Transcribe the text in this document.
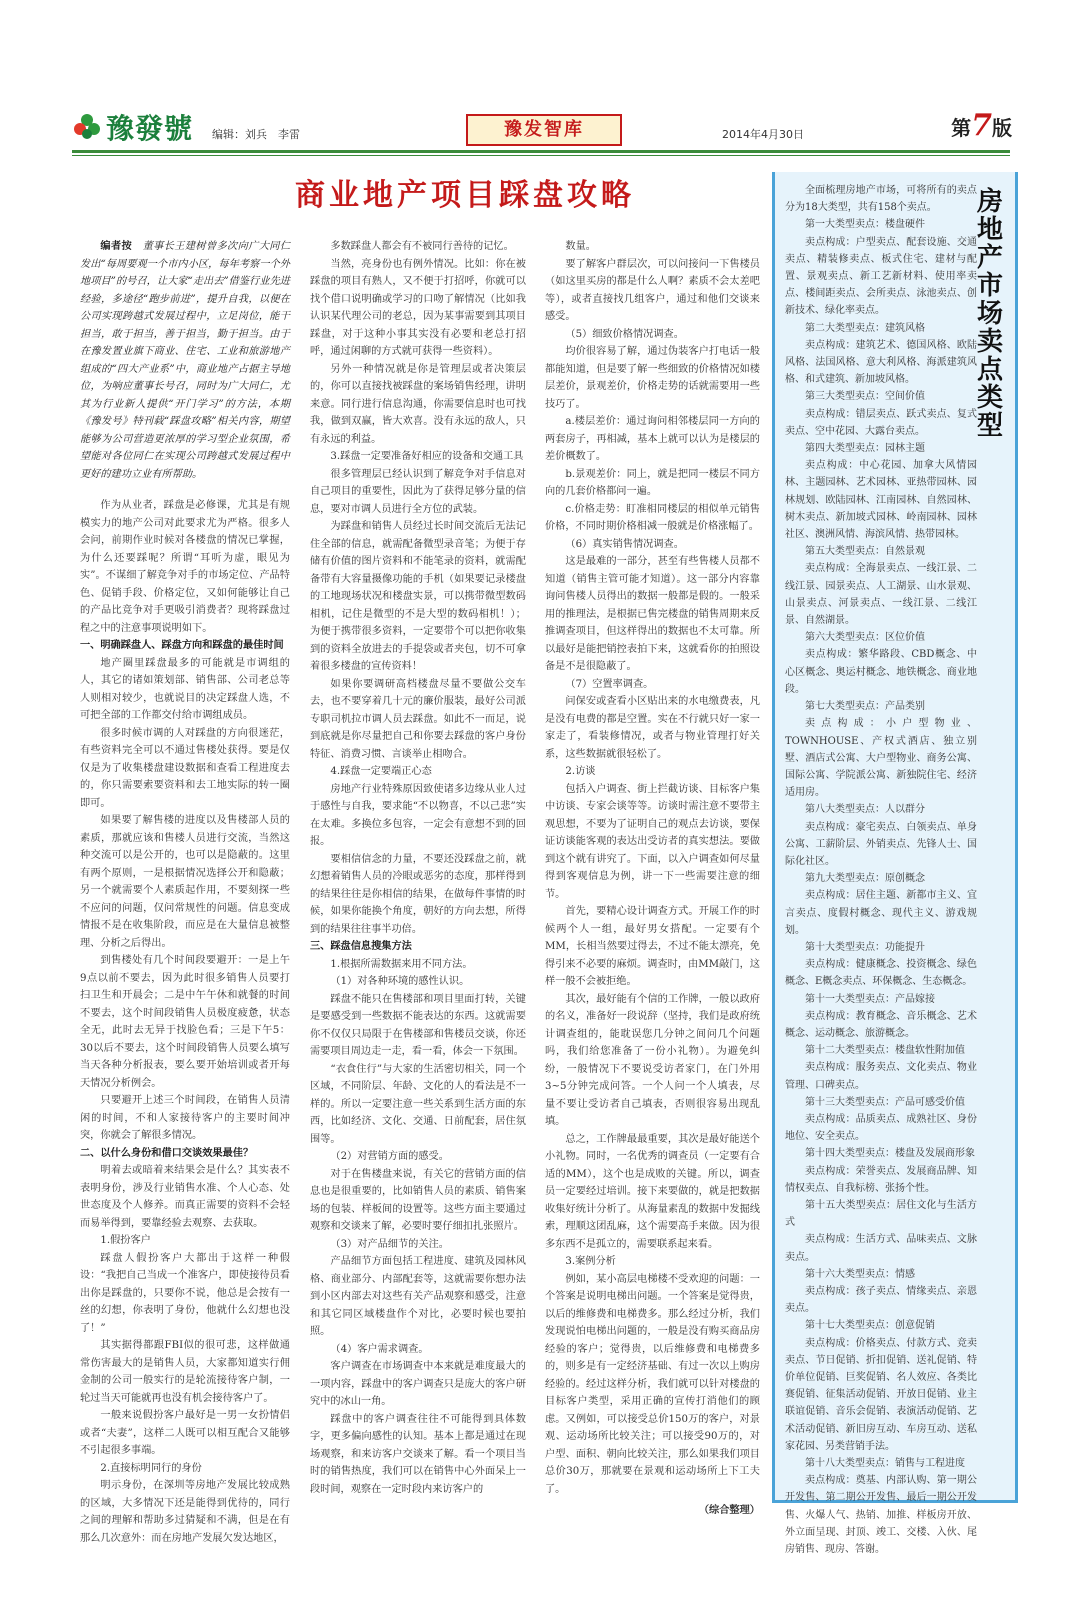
豫發號 编辑：刘兵　李雷	豫发智库	2014年4月30日	第7版
商业地产项目踩盘攻略

编者按　 董事长王建树曾多次向广大同仁发出“每周要观一个市内小区，每年考察一个外地项目”的号召，让大家“走出去”借鉴行业先进经验，多途径“跑步前进”，提升自我，以便在公司实现跨越式发展过程中，立足岗位，能干担当，敢于担当，善于担当，勤于担当。由于在豫发置业旗下商业、住宅、工业和旅游地产组成的“四大产业系”中，商业地产占据主导地位，为响应董事长号召，同时为广大同仁，尤其为行业新人提供“开门学习”的方法，本期《豫发号》特刊载“踩盘攻略”相关内容，期望能够为公司营造更浓厚的学习型企业氛围，希望能对各位同仁在实现公司跨越式发展过程中更好的建功立业有所帮助。

作为从业者，踩盘是必修课，尤其是有规模实力的地产公司对此要求尤为严格。很多人会问，前期作业时候对各楼盘的情况已掌握，为什么还要踩呢？所谓“耳听为虚，眼见为实”。不谋细了解竞争对手的市场定位、产品特色、促销手段、价格定位，又如何能够让自己的产品比竞争对手更吸引消费者？现将踩盘过程之中的注意事项说明如下。

一、明确踩盘人、踩盘方向和踩盘的最佳时间

地产圈里踩盘最多的可能就是市调组的人，其它的诸如策划部、销售部、公司老总等人则相对较少，也就说目的决定踩盘人选，不可把全部的工作都交付给市调组成员。

很多时候市调的人对踩盘的方向很迷茫，有些资料完全可以不通过售楼处获得。要是仅仅是为了收集楼盘建设数据和查看工程进度去的，你只需要索要资料和去工地实际的转一圈即可。

如果要了解售楼的进度以及售楼部人员的素质，那就应该和售楼人员进行交流，当然这种交流可以是公开的，也可以是隐蔽的。这里有两个原则，一是根据情况选择公开和隐蔽；另一个就需要个人素质起作用，不要刻探一些不应问的问题，仅问常规性的问题。信息变成情报不是在收集阶段，而应是在大量信息被整理、分析之后得出。

到售楼处有几个时间段要避开：一是上午9点以前不要去，因为此时很多销售人员要打扫卫生和开晨会；二是中午午休和就餐的时间不要去，这个时间段销售人员极度疲惫，状态全无，此时去无异于找脸色看；三是下午5：30以后不要去，这个时间段销售人员要么填写当天各种分析报表，要么要开始培训或者开每天情况分析例会。

只要避开上述三个时间段，在销售人员清闲的时间，不和人家接待客户的主要时间冲突，你就会了解很多情况。

二、以什么身份和借口交谈效果最佳？

明着去或暗着来结果会是什么？其实表不表明身份，涉及行业销售水准、个人心态、处世态度及个人修养。而真正需要的资料不会轻而易举得到，要靠经验去观察、去获取。

1.假扮客户

踩盘人假扮客户大都出于这样一种假设：“我把自己当成一个准客户，即使接待员看出你是踩盘的，只要你不说，他总是会按有一丝的幻想，你表明了身份，他就什么幻想也没了！”

其实据得都跟FBI似的很可悲，这样做通常伤害最大的是销售人员，大家都知道实行佣金制的公司一般实行的是轮流接待客户制，一轮过当天可能就再也没有机会接待客户了。

一般来说假扮客户最好是一男一女扮情侣或者“夫妻”，这样二人既可以相互配合又能够不引起很多事端。

2.直接标明同行的身份

明示身份，在深圳等房地产发展比较成熟的区域，大多情况下还是能得到优待的，同行之间的理解和帮助多过猜疑和不满，但是在有那么几次意外：而在房地产发展欠发达地区，

多数踩盘人都会有不被同行善待的记忆。

当然，亮身份也有例外情况。比如：你在被踩盘的项目有熟人，又不便于打招呼，你就可以找个借口说明确或学习的口吻了解情况（比如我认识某代理公司的老总，因为某事需要到其项目踩盘，对于这种小事其实没有必要和老总打招呼，通过闲聊的方式就可获得一些资料）。

另外一种情况就是你是管理层或者决策层的，你可以直接找被踩盘的案场销售经理，讲明来意。同行进行信息沟通，你需要信息时也可找我，做到双赢，皆大欢喜。没有永远的敌人，只有永远的利益。

3.踩盘一定要准备好相应的设备和交通工具

很多管理层已经认识到了解竞争对手信息对自己项目的重要性，因此为了获得足够分量的信息，要对市调人员进行全方位的武装。

为踩盘和销售人员经过长时间交流后无法记住全部的信息，就需配备微型录音笔；为便于存储有价值的图片资料和不能笔录的资料，就需配备带有大容量摄像功能的手机（如果要记录楼盘的工地现场状况和楼盘实景，可以携带微型数码相机，记住是微型的不是大型的数码相机！）；为便于携带很多资料，一定要带个可以把你收集到的资料全放进去的手提袋或者夹包，切不可拿着很多楼盘的宣传资料！

如果你要调研高档楼盘尽量不要做公交车去，也不要穿着几十元的廉价服装，最好公司派专职司机拉市调人员去踩盘。如此不一而足，说到底就是你尽量把自己和你要去踩盘的客户身份特征、消费习惯、言谈举止相吻合。

4.踩盘一定要端正心态

房地产行业特殊原因致使诸多边缘从业人过于感性与自我，要求能“不以物喜，不以己悲”实在太难。多换位多包容，一定会有意想不到的回报。

要相信信念的力量，不要还没踩盘之前，就幻想着销售人员的冷眼或恶劣的态度，那样得到的结果往往是你相信的结果，在做每件事情的时候，如果你能换个角度，朝好的方向去想，所得到的结果往往事半功倍。

三、踩盘信息搜集方法

1.根据所需数据来用不同方法。

（1）对各种环境的感性认识。

踩盘不能只在售楼部和项目里面打转，关键是要感受到一些数据不能表达的东西。这就需要你不仅仅只局限于在售楼部和售楼员交谈，你还需要项目周边走一走，看一看，体会一下氛围。

“衣食住行”与大家的生活密切相关，同一个区域，不同阶层、年龄、文化的人的看法是不一样的。所以一定要注意一些关系到生活方面的东西，比如经济、文化、交通、日前配套，居住氛围等。

（2）对营销方面的感受。

对于在售楼盘来说，有关它的营销方面的信息也是很重要的，比如销售人员的素质、销售案场的包装、样板间的设置等。这些方面主要通过观察和交谈来了解，必要时要仔细扣扎张照片。

（3）对产品细节的关注。

产品细节方面包括工程进度、建筑及园林风格、商业部分、内部配套等，这就需要你想办法到小区内部去对这些有关产品观察和感受，注意和其它同区域楼盘作个对比，必要时候也要拍照。

（4）客户需求调查。

客户调查在市场调查中本来就是难度最大的一项内容，踩盘中的客户调查只是庞大的客户研究中的冰山一角。

踩盘中的客户调查往往不可能得到具体数字，更多偏向感性的认知。基本上都是通过在现场观察，和来访客户交谈来了解。看一个项目当时的销售热度，我们可以在销售中心外面呆上一段时间，观察在一定时段内来访客户的

数量。

要了解客户群层次，可以问接问一下售楼员（如这里买房的都是什么人啊？素质不会太差吧等），或者直接找几组客户，通过和他们交谈来感受。

（5）细致价格情况调查。

均价很容易了解，通过伪装客户打电话一般都能知道，但是要了解一些细致的价格情况如楼层差价，景观差价，价格走势的话就需要用一些技巧了。

a.楼层差价：通过询问相邻楼层同一方向的两套房子，再相减，基本上就可以认为是楼层的差价概数了。

b.景观差价：同上，就是把同一楼层不同方向的几套价格都问一遍。

c.价格走势：盯准相同楼层的相似单元销售价格，不同时期价格相减一般就是价格涨幅了。

（6）真实销售情况调查。

这是最难的一部分，甚至有些售楼人员都不知道（销售主管可能才知道）。这一部分内容靠询问售楼人员得出的数据一般都是假的。一般采用的推理法，是根据已售完楼盘的销售周期来反推调查项目，但这样得出的数据也不太可靠。所以最好是能把销控表拍下来，这就看你的拍照设备是不是很隐蔽了。

（7）空置率调查。

问保安或查看小区贴出来的水电缴费表，凡是没有电费的都是空置。实在不行就只好一家一家走了，看装修情况，或者与物业管理打好关系，这些数据就很轻松了。

2.访谈

包括入户调查、街上拦截访谈、目标客户集中访谈、专家会谈等等。访谈时需注意不要带主观思想，不要为了证明自己的观点去访谈，要保证访谈能客观的表达出受访者的真实想法。要做到这个就有讲究了。下面，以入户调查如何尽量得到客观信息为例，讲一下一些需要注意的细节。

首先，要精心设计调查方式。开展工作的时候两个人一组，最好男女搭配。一定要有个MM，长相当然要过得去，不过不能太漂亮，免得引来不必要的麻烦。调查时，由MM敲门，这样一般不会被拒绝。

其次，最好能有个信的工作牌，一般以政府的名义，准备好一段说辞（坚持，我们是政府统计调查组的，能耽误您几分钟之间问几个问题吗，我们给您准备了一份小礼物）。为避免纠纷，一般情况下不要说受访者家门，在门外用3~5分钟完成问答。一个人问一个人填表，尽量不要让受访者自己填表，否则很容易出现乱填。

总之，工作牌最最重要，其次是最好能送个小礼物。同时，一名优秀的调查员（一定要有合适的MM），这个也是成败的关键。所以，调查员一定要经过培训。接下来要做的，就是把数据收集好统计分析了。从海量素乱的数据中发掘线索，理顺这团乱麻，这个需要高手来做。因为很多东西不是孤立的，需要联系起来看。

3.案例分析

例如，某小高层电梯楼不受欢迎的问题：一个答案是说明电梯出问题。一个答案是觉得贵，以后的维修费和电梯费多。那么经过分析，我们发现说怕电梯出问题的，一般是没有购买商品房经验的客户；觉得贵，以后维修费和电梯费多的，则多是有一定经济基础、有过一次以上购房经验的。经过这样分析，我们就可以针对楼盘的目标客户类型，采用正确的宣传打消他们的顾虑。又例如，可以接受总价150万的客户，对景观、运动场所比较关注；可以接受90万的，对户型、面积、朝向比较关注，那么如果我们项目总价30万，那就要在景观和运动场所上下工夫了。

（综合整理）

房地产市场卖点类型

全面梳理房地产市场，可将所有的卖点分为18大类型，共有158个卖点。

第一大类型卖点：楼盘硬件

卖点构成：户型卖点、配套设施、交通卖点、精装修卖点、板式住宅、建材与配置、景观卖点、新工艺新材料、使用率卖点、楼间距卖点、会所卖点、泳池卖点、创新技术、绿化率卖点。

第二大类型卖点：建筑风格

卖点构成：建筑艺术、德国风格、欧陆风格、法国风格、意大利风格、海派建筑风格、和式建筑、新加坡风格。

第三大类型卖点：空间价值

卖点构成：错层卖点、跃式卖点、复式卖点、空中花园、大露台卖点。

第四大类型卖点：园林主题

卖点构成：中心花园、加拿大风情园林、主题园林、艺术园林、亚热带园林、园林规划、欧陆园林、江南园林、自然园林、树木卖点、新加坡式园林、岭南园林、园林社区、澳洲风情、海滨风情、热带园林。

第五大类型卖点：自然景观

卖点构成：全海景卖点、一线江景、二线江景、园景卖点、人工湖景、山水景观、山景卖点、河景卖点、一线江景、二线江景、自然湖景。

第六大类型卖点：区位价值

卖点构成：繁华路段、CBD概念、中心区概念、奥运村概念、地铁概念、商业地段。

第七大类型卖点：产品类别

卖点构成：小户型物业、TOWNHOUSE、产权式酒店、独立别墅、酒店式公寓、大户型物业、商务公寓、国际公寓、学院派公寓、新独院住宅、经济适用房。

第八大类型卖点：人以群分

卖点构成：豪宅卖点、白领卖点、单身公寓、工薪阶层、外销卖点、先锋人士、国际化社区。

第九大类型卖点：原创概念

卖点构成：居住主题、新都市主义、宜言卖点、度假村概念、现代主义、游戏规划。

第十大类型卖点：功能提升

卖点构成：健康概念、投资概念、绿色概念、E概念卖点、环保概念、生态概念。

第十一大类型卖点：产品嫁接

卖点构成：教育概念、音乐概念、艺术概念、运动概念、旅游概念。

第十二大类型卖点：楼盘软性附加值

卖点构成：服务卖点、文化卖点、物业管理、口碑卖点。

第十三大类型卖点：产品可感受价值

卖点构成：品质卖点、成熟社区、身份地位、安全卖点。

第十四大类型卖点：楼盘及发展商形象

卖点构成：荣誉卖点、发展商品牌、知情权卖点、自我标榜、张扬个性。

第十五大类型卖点：居住文化与生活方式

卖点构成：生活方式、品味卖点、文脉卖点。

第十六大类型卖点：情感

卖点构成：孩子卖点、情缘卖点、亲恩卖点。

第十七大类型卖点：创意促销

卖点构成：价格卖点、付款方式、竞卖卖点、节日促销、折扣促销、送礼促销、特价单位促销、巨奖促销、名人效应、各类比赛促销、征集活动促销、开放日促销、业主联谊促销、音乐会促销、表演活动促销、艺术活动促销、新旧房互动、车房互动、送私家花园、另类营销手法。

第十八大类型卖点：销售与工程进度

卖点构成：奠基、内部认购、第一期公开发售、第二期公开发售、最后一期公开发售、火爆人气、热销、加推、样板房开放、外立面呈现、封顶、竣工、交楼、入伙、尾房销售、现房、答谢。
